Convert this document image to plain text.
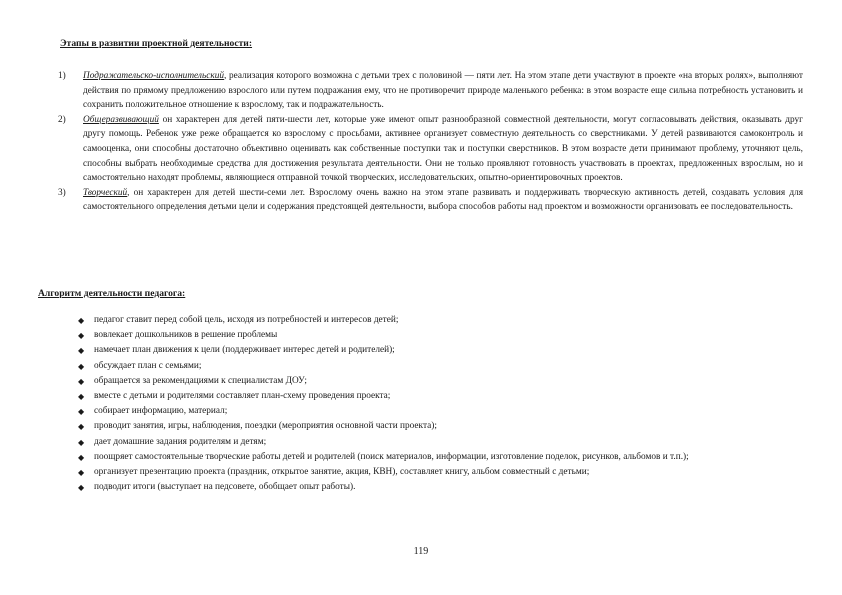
Этапы в развитии проектной деятельности:
1) Подражательско-исполнительский, реализация которого возможна с детьми трех с половиной — пяти лет. На этом этапе дети участвуют в проекте «на вторых ролях», выполняют действия по прямому предложению взрослого или путем подражания ему, что не противоречит природе маленького ребенка: в этом возрасте еще сильна потребность установить и сохранить положительное отношение к взрослому, так и подражательность.
2) Общеразвивающий он характерен для детей пяти-шести лет, которые уже имеют опыт разнообразной совместной деятельности, могут согласовывать действия, оказывать друг другу помощь. Ребенок уже реже обращается ко взрослому с просьбами, активнее организует совместную деятельность со сверстниками. У детей развиваются самоконтроль и самооценка, они способны достаточно объективно оценивать как собственные поступки так и поступки сверстников. В этом возрасте дети принимают проблему, уточняют цель, способны выбрать необходимые средства для достижения результата деятельности. Они не только проявляют готовность участвовать в проектах, предложенных взрослым, но и самостоятельно находят проблемы, являющиеся отправной точкой творческих, исследовательских, опытно-ориентировочных проектов.
3) Творческий, он характерен для детей шести-семи лет. Взрослому очень важно на этом этапе развивать и поддерживать творческую активность детей, создавать условия для самостоятельного определения детьми цели и содержания предстоящей деятельности, выбора способов работы над проектом и возможности организовать ее последовательность.
Алгоритм деятельности педагога:
◆ педагог ставит перед собой цель, исходя из потребностей и интересов детей;
◆ вовлекает дошкольников в решение проблемы
◆ намечает план движения к цели (поддерживает интерес детей и родителей);
◆ обсуждает план с семьями;
◆ обращается за рекомендациями к специалистам ДОУ;
◆ вместе с детьми и родителями составляет план-схему проведения проекта;
◆ собирает информацию, материал;
◆ проводит занятия, игры, наблюдения, поездки (мероприятия основной части проекта);
◆ дает домашние задания родителям и детям;
◆ поощряет самостоятельные творческие работы детей и родителей (поиск материалов, информации, изготовление поделок, рисунков, альбомов и т.п.);
◆ организует презентацию проекта (праздник, открытое занятие, акция, КВН), составляет книгу, альбом совместный с детьми;
◆ подводит итоги (выступает на педсовете, обобщает опыт работы).
119
